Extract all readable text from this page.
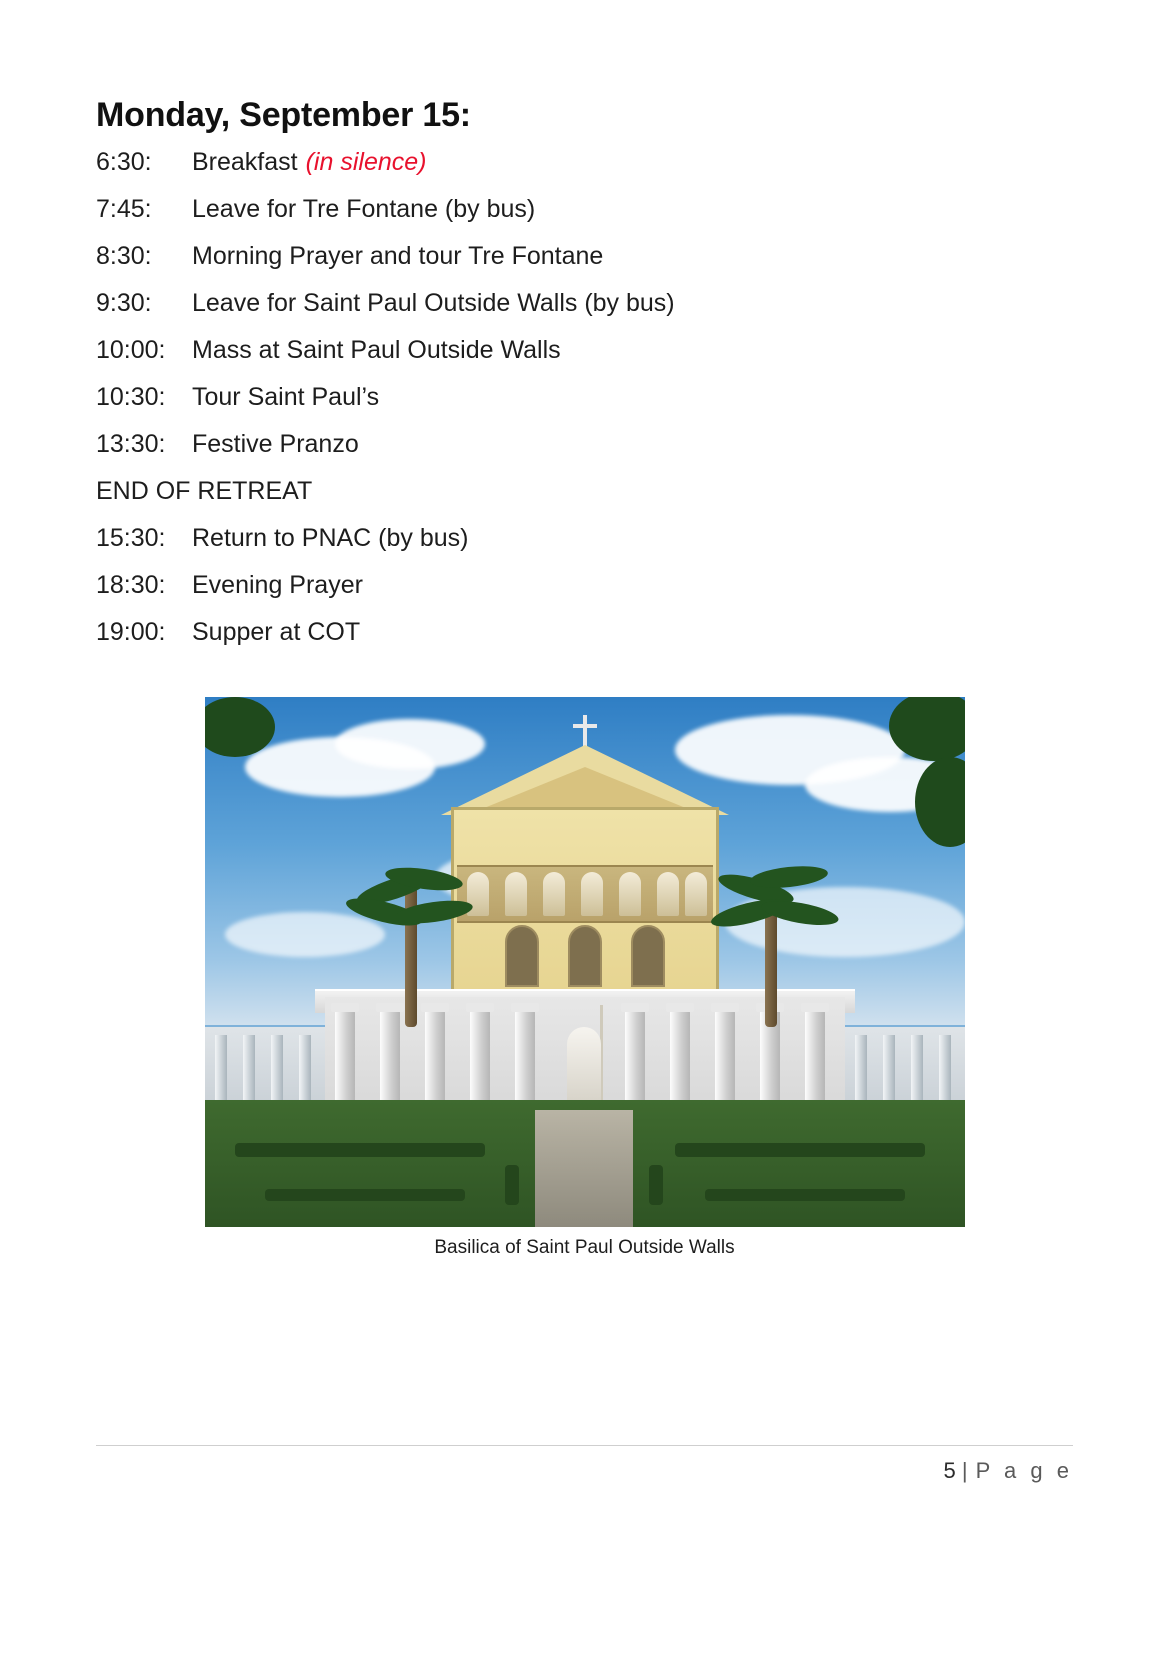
Monday, September 15:
6:30:	Breakfast (in silence)
7:45:	Leave for Tre Fontane (by bus)
8:30:	Morning Prayer and tour Tre Fontane
9:30:	Leave for Saint Paul Outside Walls (by bus)
10:00:	Mass at Saint Paul Outside Walls
10:30:	Tour Saint Paul’s
13:30:	Festive Pranzo
END OF RETREAT
15:30:	Return to PNAC (by bus)
18:30:	Evening Prayer
19:00:	Supper at COT
Basilica of Saint Paul Outside Walls
5 | P a g e
